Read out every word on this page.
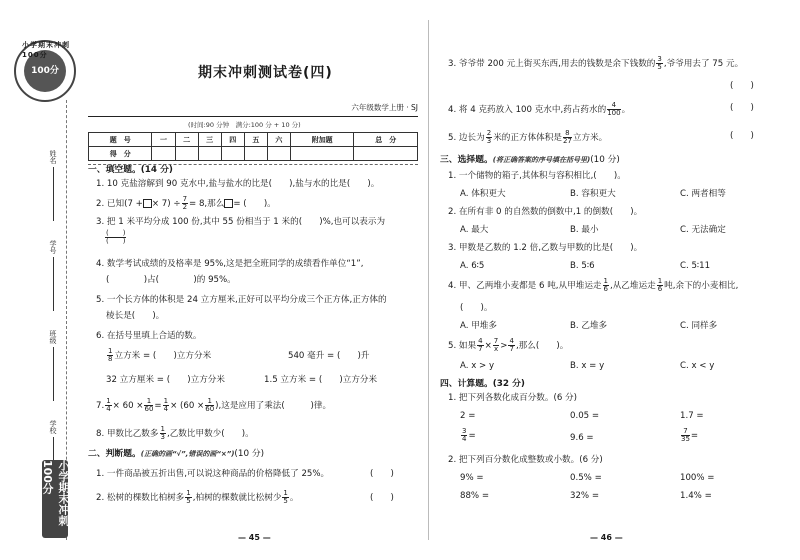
小学期末冲刺100分
100分
姓名
学号
班级
学校
小学期末冲刺100分
期末冲刺测试卷(四)
六年级数学上册 · SJ
(时间:90 分钟　满分:100 分 + 10 分)
题　号	一	二	三	四	五	六	附加题	总　分
得　分								
一、填空题。(14 分)
1. 10 克盐溶解到 90 克水中,盐与盐水的比是(　　),盐与水的比是(　　)。
2. 已知(7 + × $7) \div \frac{7}{2} = 8$,那么 = (　　)。
3. 把 1 米平均分成 100 份,其中 55 份相当于 1 米的(　　)%,也可以表示为
$\frac{( )}{( )}$
4. 数学考试成绩的及格率是 95%,这是把全班同学的成绩看作单位“1”,
(　　　　)占(　　　　)的 95%。
5. 一个长方体的体积是 24 立方厘米,正好可以平均分成三个正方体,正方体的
棱长是(　　)。
6. 在括号里填上合适的数。
$\frac{1}{8}$ 立方米 = (　　)立方分米	540 毫升 = (　　)升
32 立方厘米 = (　　)立方分米	1.5 立方米 = (　　)立方分米
7. $\frac{1}{4} \times 60 \times \frac{1}{60} = \frac{1}{4} \times (60 \times \frac{1}{60}$ ),这是应用了乘法(　　　)律。
8. 甲数比乙数多 $\frac{1}{3}$ ,乙数比甲数少(　　)。
二、判断题。(正确的画“√”,错误的画“×”)(10 分)
1. 一件商品被五折出售,可以说这种商品的价格降低了 25%。	(　　)
2. 松树的棵数比柏树多 $\frac{1}{5}$ ,柏树的棵数就比松树少 $\frac{1}{5}$ 。	(　　)
— 45 —
3. 爷爷带 200 元上街买东西,用去的钱数是余下钱数的 $\frac{3}{5}$ ,爷爷用去了 75 元。
(　　)
4. 将 4 克药放入 100 克水中,药占药水的 $\frac{4}{100}$ 。	(　　)
5. 边长为 $\frac{2}{3}$ 米的正方体体积是 $\frac{8}{27}$ 立方米。	(　　)
三、选择题。(将正确答案的序号填在括号里)(10 分)
1. 一个储物的箱子,其体积与容积相比,(　　)。
A. 体积更大	B. 容积更大	C. 两者相等
2. 在所有非 0 的自然数的倒数中,1 的倒数(　　)。
A. 最大	B. 最小	C. 无法确定
3. 甲数是乙数的 1.2 倍,乙数与甲数的比是(　　)。
A. 6∶5	B. 5∶6	C. 5∶11
4. 甲、乙两堆小麦都是 6 吨,从甲堆运走 $\frac{1}{6}$ ,从乙堆运走 $\frac{1}{6}$ 吨,余下的小麦相比,
(　　)。
A. 甲堆多	B. 乙堆多	C. 同样多
5. 如果 $\frac{4}{7} \times \frac{7}{x} > \frac{4}{7}$ ,那么(　　)。
A. x > y	B. x = y	C. x < y
四、计算题。(32 分)
1. 把下列各数化成百分数。(6 分)
2 =	0.05 =	1.7 =
$\frac{3}{4}$ =	9.6 =	$\frac{7}{35}$ =
2. 把下列百分数化成整数或小数。(6 分)
9% =	0.5% =	100% =
88% =	32% =	1.4% =
— 46 —
